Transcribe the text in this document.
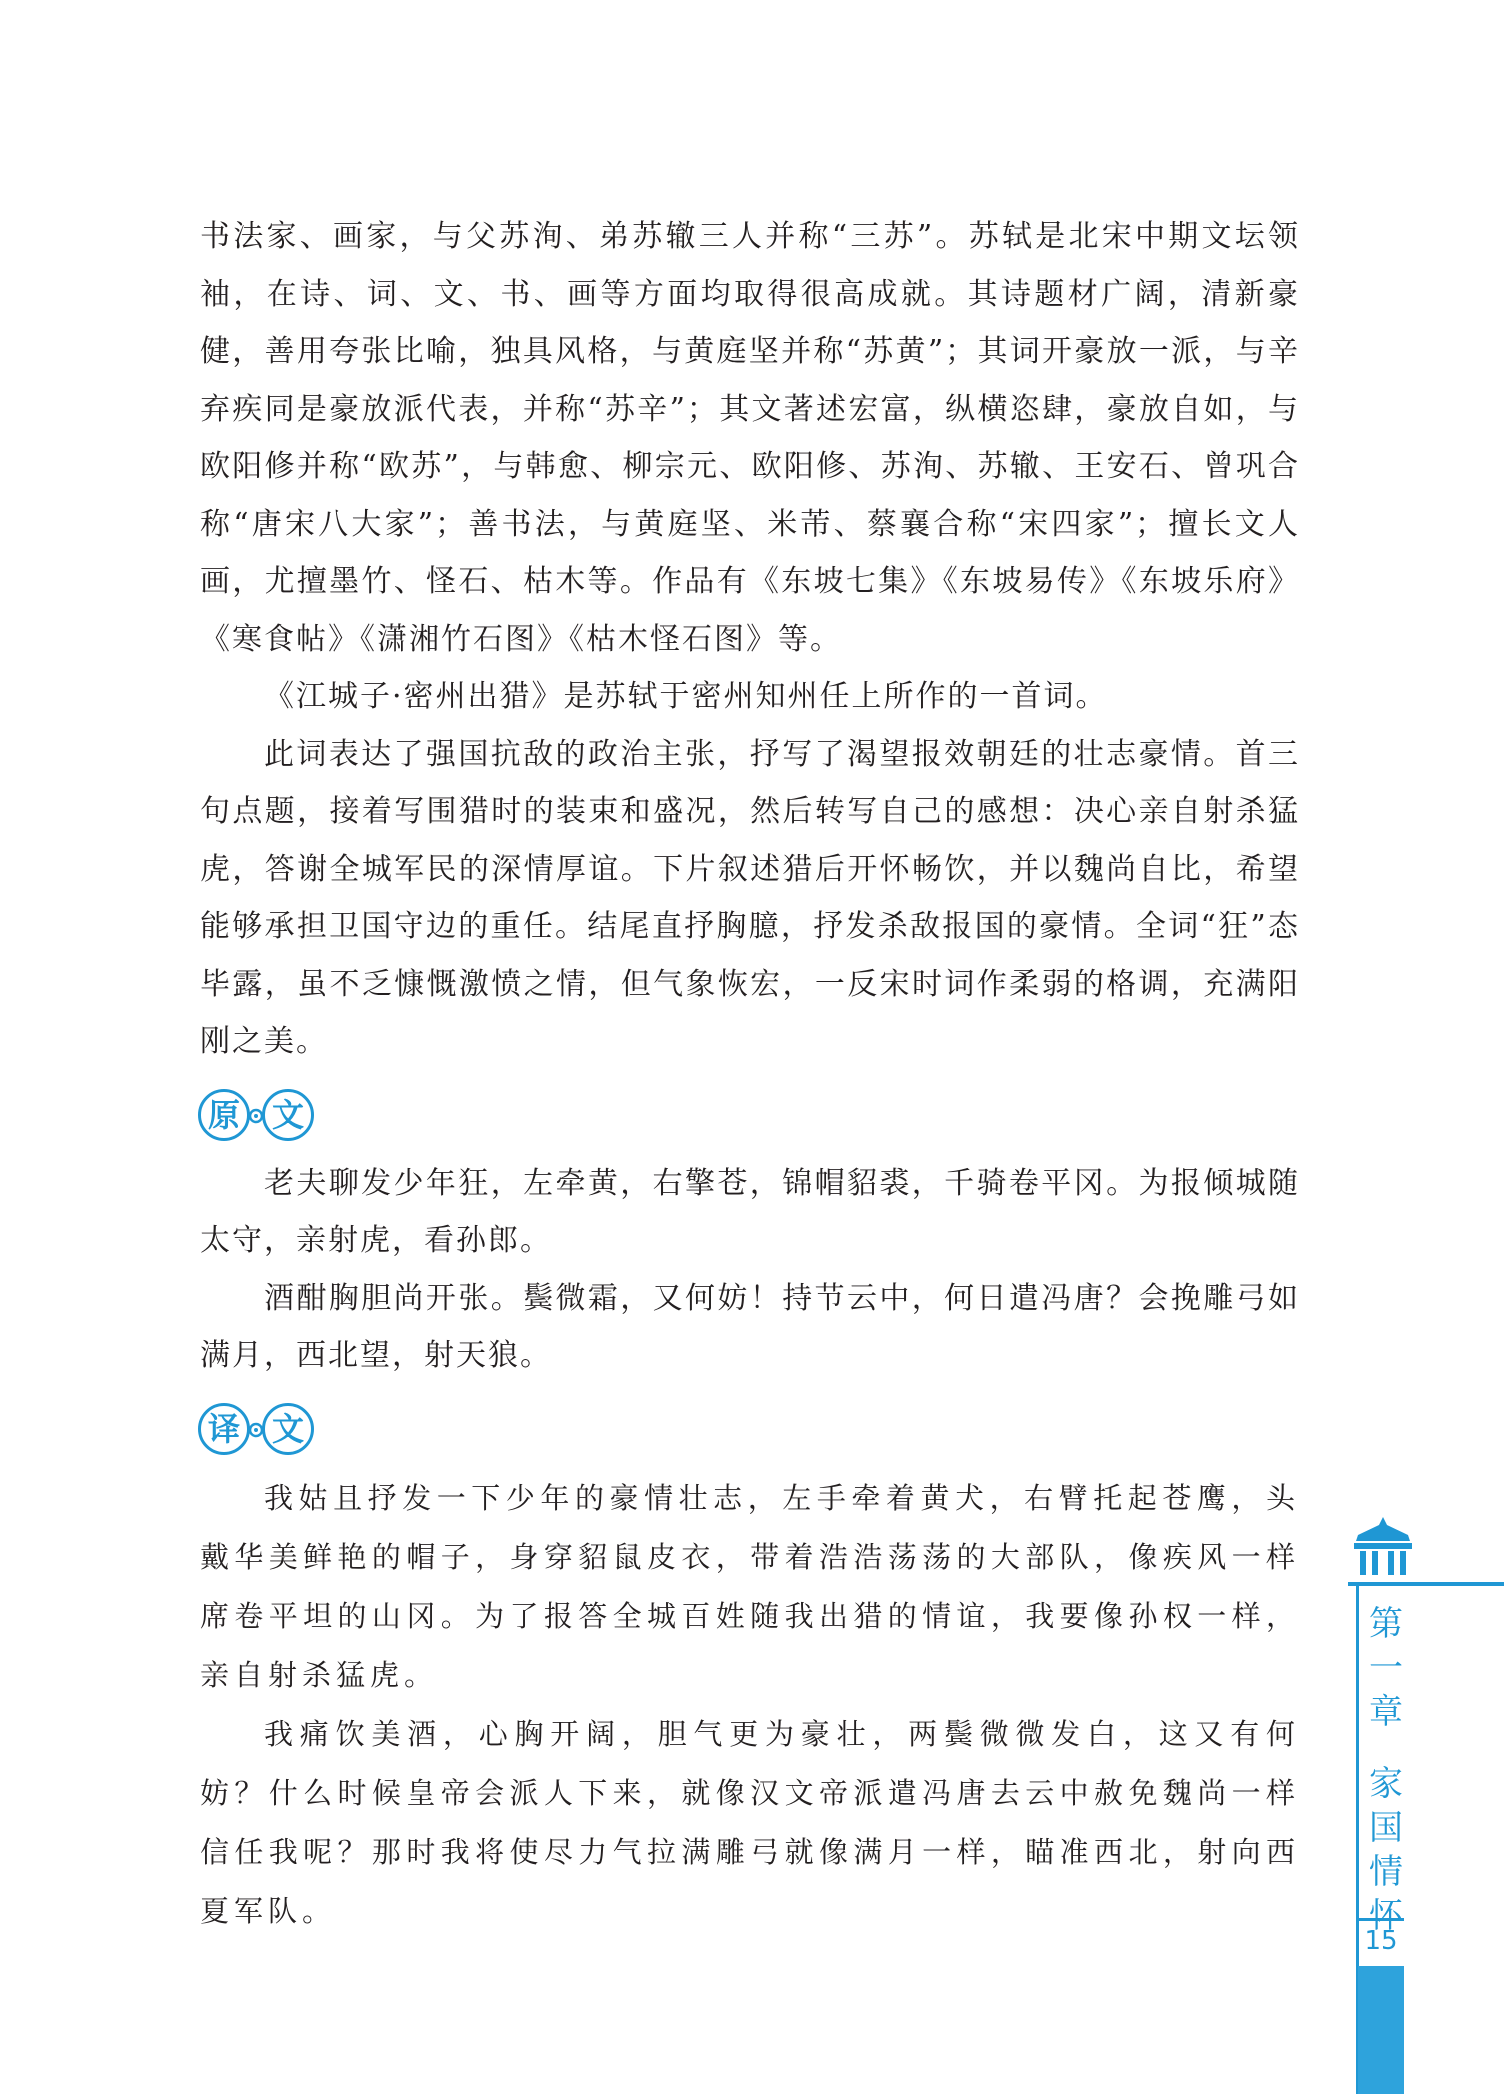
书法家、画家，与父苏洵、弟苏辙三人并称“三苏”。苏轼是北宋中期文坛领袖，在诗、词、文、书、画等方面均取得很高成就。其诗题材广阔，清新豪健，善用夸张比喻，独具风格，与黄庭坚并称“苏黄”；其词开豪放一派，与辛弃疾同是豪放派代表，并称“苏辛”；其文著述宏富，纵横恣肆，豪放自如，与欧阳修并称“欧苏”，与韩愈、柳宗元、欧阳修、苏洵、苏辙、王安石、曾巩合称“唐宋八大家”；善书法，与黄庭坚、米芾、蔡襄合称“宋四家”；擅长文人画，尤擅墨竹、怪石、枯木等。作品有《东坡七集》《东坡易传》《东坡乐府》《寒食帖》《潇湘竹石图》《枯木怪石图》等。

《江城子·密州出猎》是苏轼于密州知州任上所作的一首词。

此词表达了强国抗敌的政治主张，抒写了渴望报效朝廷的壮志豪情。首三句点题，接着写围猎时的装束和盛况，然后转写自己的感想：决心亲自射杀猛虎，答谢全城军民的深情厚谊。下片叙述猎后开怀畅饮，并以魏尚自比，希望能够承担卫国守边的重任。结尾直抒胸臆，抒发杀敌报国的豪情。全词“狂”态毕露，虽不乏慷慨激愤之情，但气象恢宏，一反宋时词作柔弱的格调，充满阳刚之美。

原 文

老夫聊发少年狂，左牵黄，右擎苍，锦帽貂裘，千骑卷平冈。为报倾城随太守，亲射虎，看孙郎。

酒酣胸胆尚开张。鬓微霜，又何妨！持节云中，何日遣冯唐？会挽雕弓如满月，西北望，射天狼。

译 文

我姑且抒发一下少年的豪情壮志，左手牵着黄犬，右臂托起苍鹰，头戴华美鲜艳的帽子，身穿貂鼠皮衣，带着浩浩荡荡的大部队，像疾风一样席卷平坦的山冈。为了报答全城百姓随我出猎的情谊，我要像孙权一样，亲自射杀猛虎。

我痛饮美酒，心胸开阔，胆气更为豪壮，两鬓微微发白，这又有何妨？什么时候皇帝会派人下来，就像汉文帝派遣冯唐去云中赦免魏尚一样信任我呢？那时我将使尽力气拉满雕弓就像满月一样，瞄准西北，射向西夏军队。

第
一
章
家
国
情
怀
15
